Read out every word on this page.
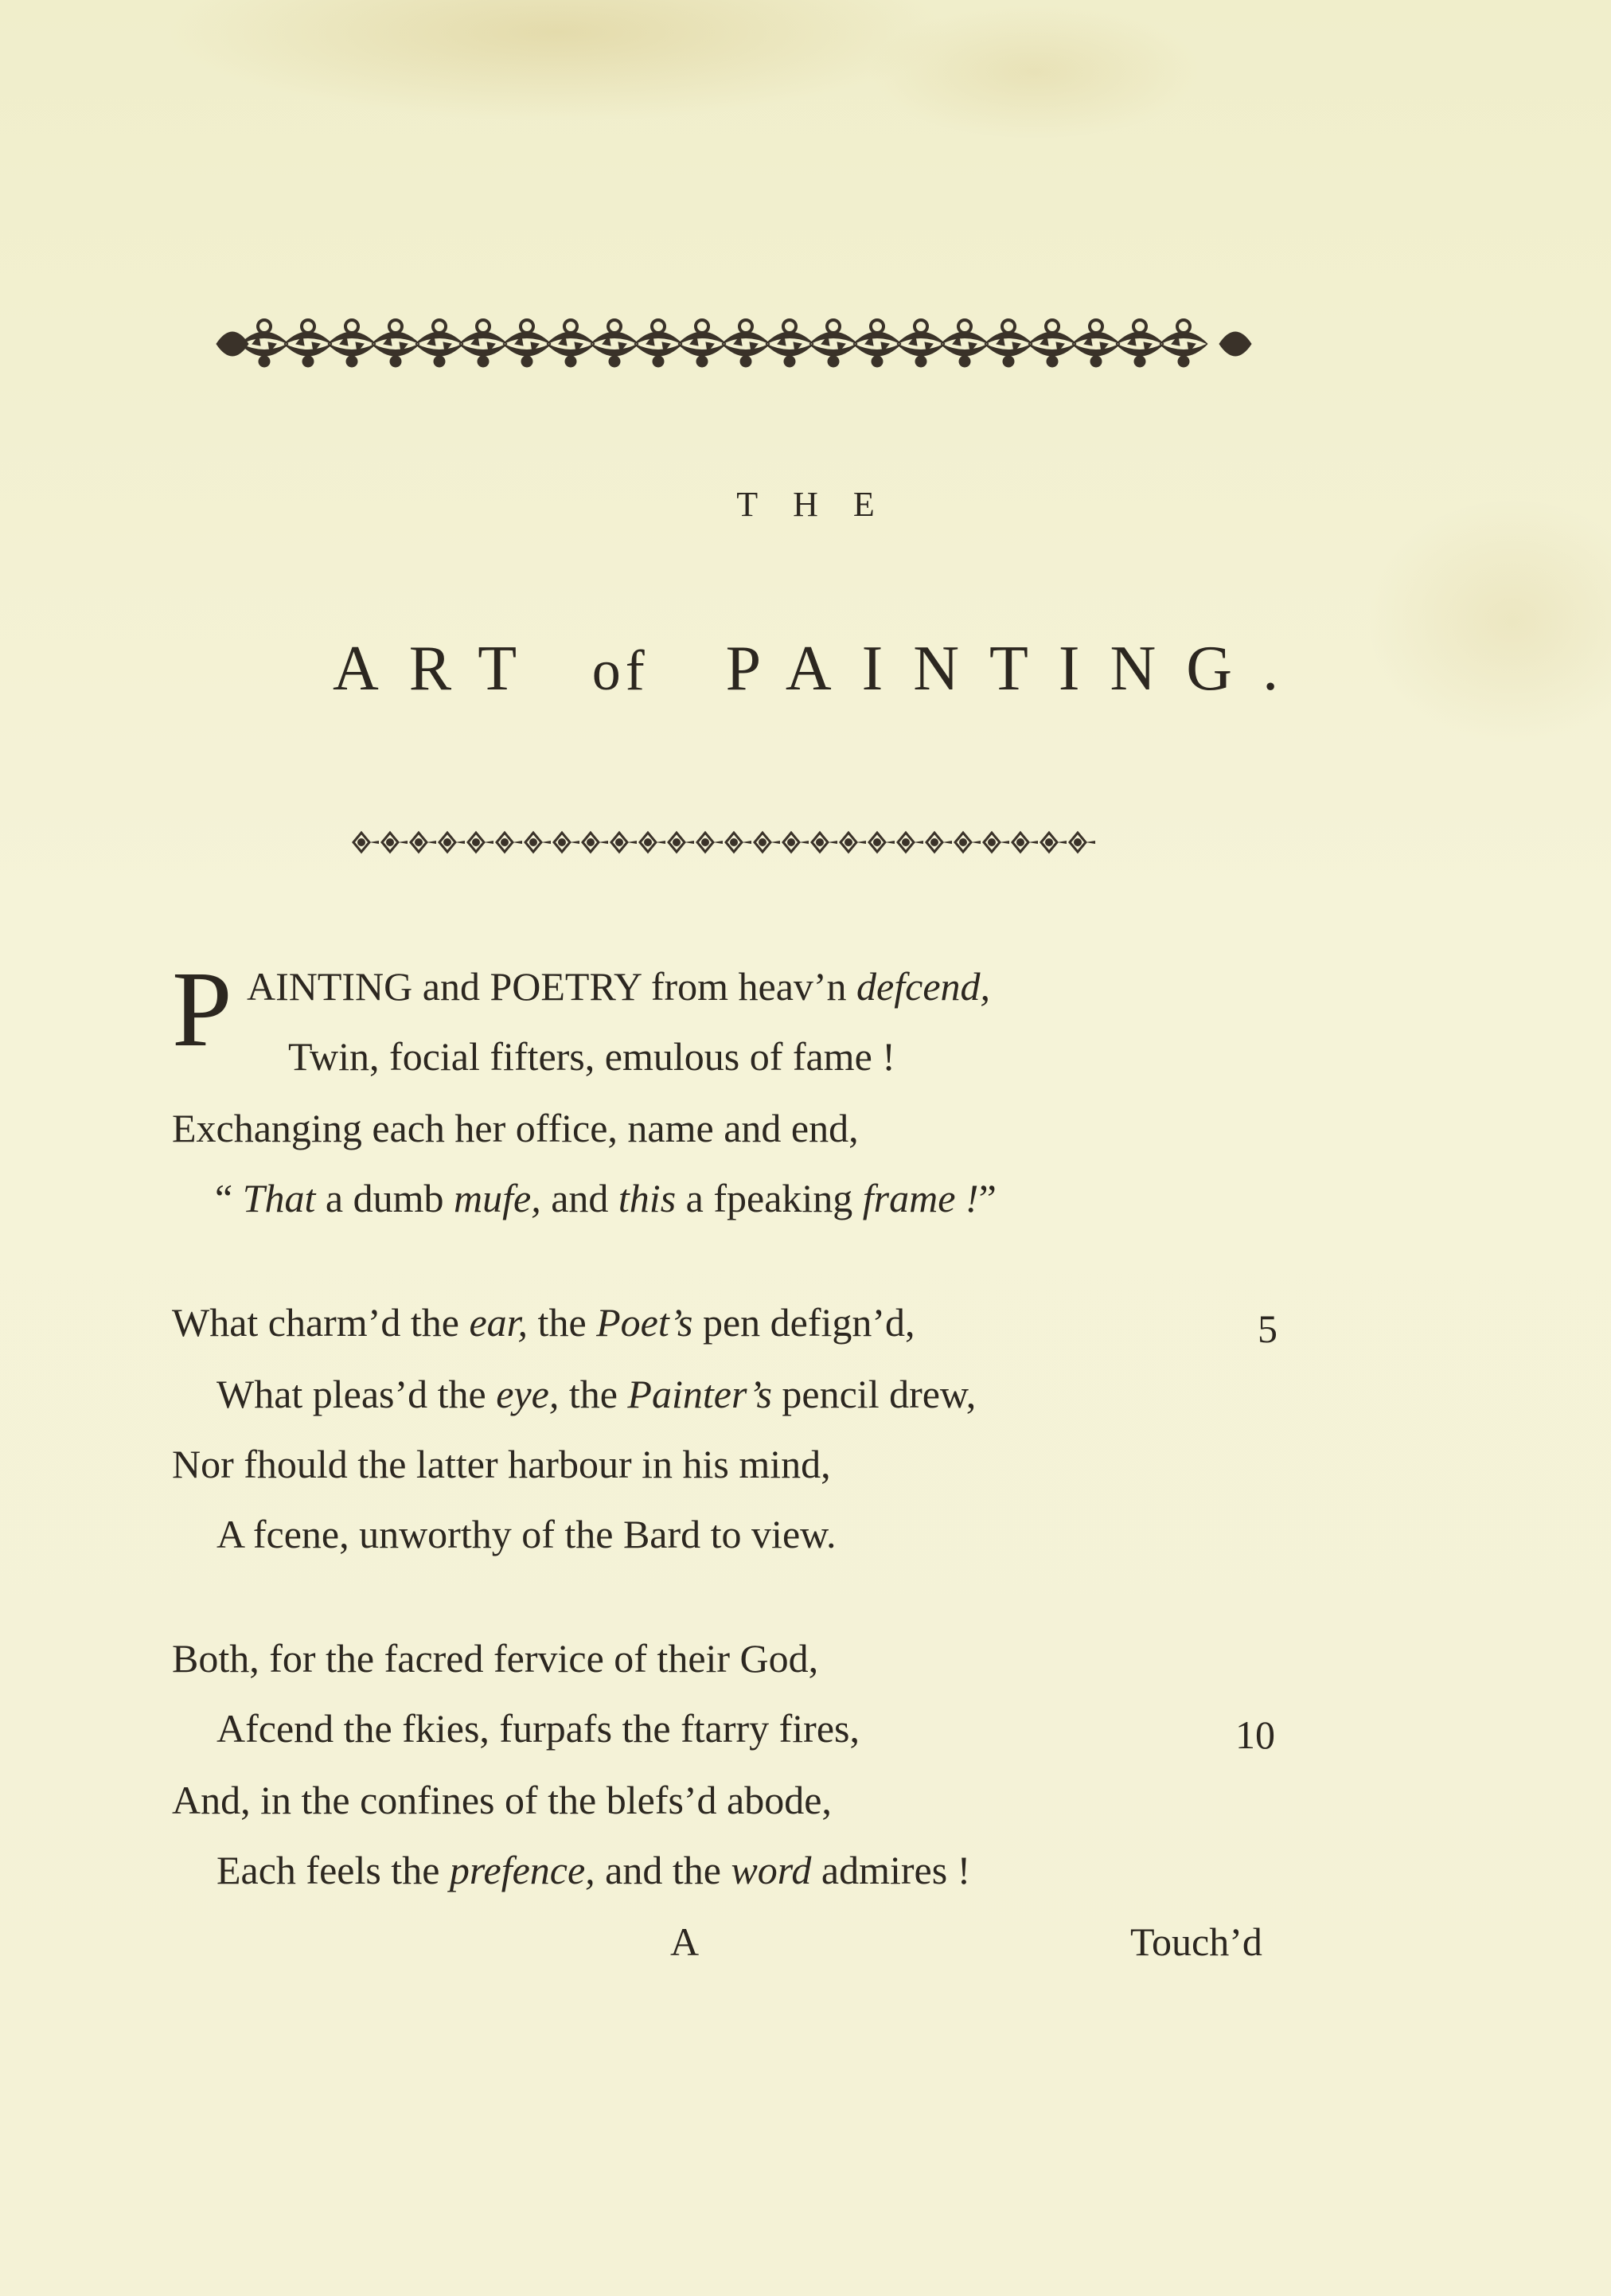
THE
ART of PAINTING.
P AINTING and POETRY from heav’n defcend,
Twin, focial fifters, emulous of fame !
Exchanging each her office, name and end,
“ That a dumb mufe, and this a fpeaking frame !”
What charm’d the ear, the Poet’s pen defign’d,	5
What pleas’d the eye, the Painter’s pencil drew,
Nor fhould the latter harbour in his mind,
A fcene, unworthy of the Bard to view.
Both, for the facred fervice of their God,
Afcend the fkies, furpafs the ftarry fires,	10
And, in the confines of the blefs’d abode,
Each feels the prefence, and the word admires !
A	Touch’d
